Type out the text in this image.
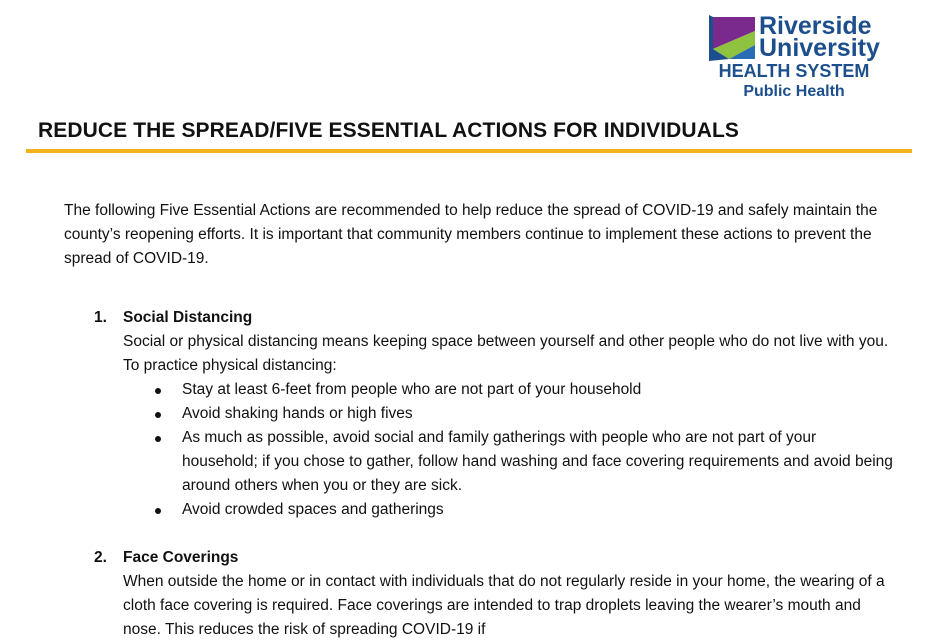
Riverside
University
HEALTH SYSTEM
Public Health
REDUCE THE SPREAD/FIVE ESSENTIAL ACTIONS FOR INDIVIDUALS

The following Five Essential Actions are recommended to help reduce the spread of COVID-19 and safely maintain the county’s reopening efforts. It is important that community members continue to implement these actions to prevent the spread of COVID-19.

1. Social Distancing

Social or physical distancing means keeping space between yourself and other people who do not live with you. To practice physical distancing:

Stay at least 6-feet from people who are not part of your household
Avoid shaking hands or high fives
As much as possible, avoid social and family gatherings with people who are not part of your household; if you chose to gather, follow hand washing and face covering requirements and avoid being around others when you or they are sick.
Avoid crowded spaces and gatherings
2. Face Coverings

When outside the home or in contact with individuals that do not regularly reside in your home, the wearing of a cloth face covering is required. Face coverings are intended to trap droplets leaving the wearer’s mouth and nose. This reduces the risk of spreading COVID-19 if
